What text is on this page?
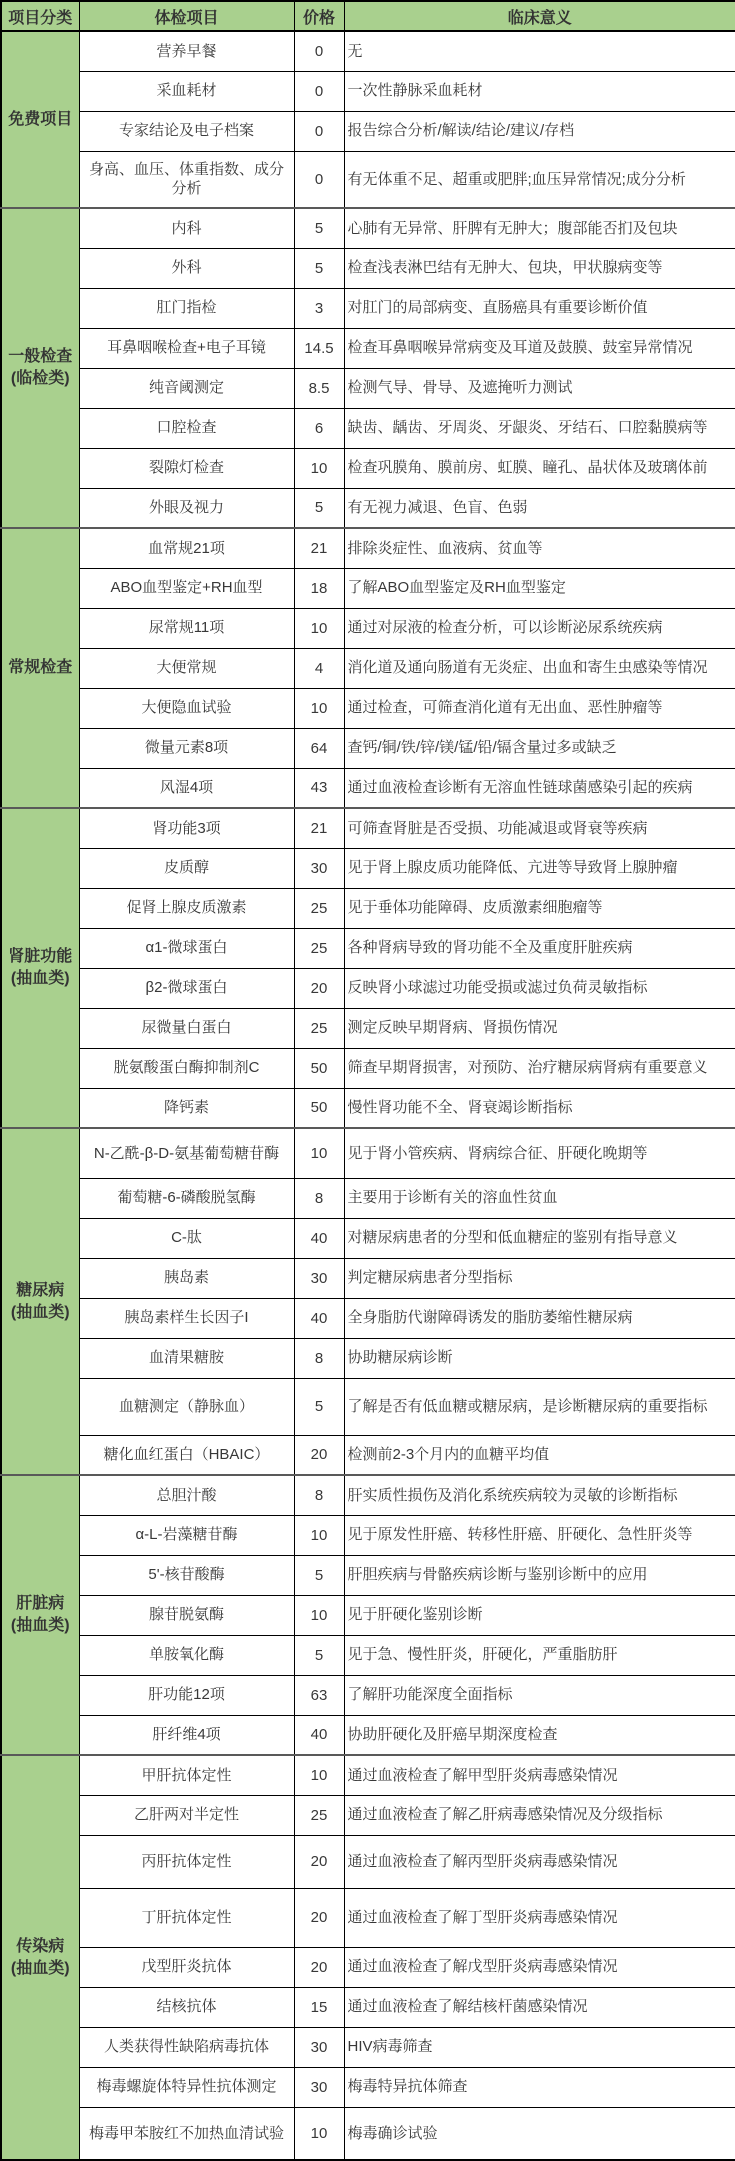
项目分类	体检项目	价格	临床意义
免费项目	营养早餐	0	无
	采血耗材	0	一次性静脉采血耗材
	专家结论及电子档案	0	报告综合分析/解读/结论/建议/存档
	身高、血压、体重指数、成分分析	0	有无体重不足、超重或肥胖;血压异常情况;成分分析
一般检查(临检类)	内科	5	心肺有无异常、肝脾有无肿大；腹部能否扪及包块
	外科	5	检查浅表淋巴结有无肿大、包块，甲状腺病变等
	肛门指检	3	对肛门的局部病变、直肠癌具有重要诊断价值
	耳鼻咽喉检查+电子耳镜	14.5	检查耳鼻咽喉异常病变及耳道及鼓膜、鼓室异常情况
	纯音阈测定	8.5	检测气导、骨导、及遮掩听力测试
	口腔检查	6	缺齿、龋齿、牙周炎、牙龈炎、牙结石、口腔黏膜病等
	裂隙灯检查	10	检查巩膜角、膜前房、虹膜、瞳孔、晶状体及玻璃体前
	外眼及视力	5	有无视力减退、色盲、色弱
常规检查	血常规21项	21	排除炎症性、血液病、贫血等
	ABO血型鉴定+RH血型	18	了解ABO血型鉴定及RH血型鉴定
	尿常规11项	10	通过对尿液的检查分析，可以诊断泌尿系统疾病
	大便常规	4	消化道及通向肠道有无炎症、出血和寄生虫感染等情况
	大便隐血试验	10	通过检查，可筛查消化道有无出血、恶性肿瘤等
	微量元素8项	64	查钙/铜/铁/锌/镁/锰/铅/镉含量过多或缺乏
	风湿4项	43	通过血液检查诊断有无溶血性链球菌感染引起的疾病
肾脏功能(抽血类)	肾功能3项	21	可筛查肾脏是否受损、功能减退或肾衰等疾病
	皮质醇	30	见于肾上腺皮质功能降低、亢进等导致肾上腺肿瘤
	促肾上腺皮质激素	25	见于垂体功能障碍、皮质激素细胞瘤等
	α1-微球蛋白	25	各种肾病导致的肾功能不全及重度肝脏疾病
	β2-微球蛋白	20	反映肾小球滤过功能受损或滤过负荷灵敏指标
	尿微量白蛋白	25	测定反映早期肾病、肾损伤情况
	胱氨酸蛋白酶抑制剂C	50	筛查早期肾损害，对预防、治疗糖尿病肾病有重要意义
	降钙素	50	慢性肾功能不全、肾衰竭诊断指标
糖尿病(抽血类)	N-乙酰-β-D-氨基葡萄糖苷酶	10	见于肾小管疾病、肾病综合征、肝硬化晚期等
	葡萄糖-6-磷酸脱氢酶	8	主要用于诊断有关的溶血性贫血
	C-肽	40	对糖尿病患者的分型和低血糖症的鉴别有指导意义
	胰岛素	30	判定糖尿病患者分型指标
	胰岛素样生长因子I	40	全身脂肪代谢障碍诱发的脂肪萎缩性糖尿病
	血清果糖胺	8	协助糖尿病诊断
	血糖测定（静脉血）	5	了解是否有低血糖或糖尿病，是诊断糖尿病的重要指标
	糖化血红蛋白（HBAIC）	20	检测前2-3个月内的血糖平均值
肝脏病(抽血类)	总胆汁酸	8	肝实质性损伤及消化系统疾病较为灵敏的诊断指标
	α-L-岩藻糖苷酶	10	见于原发性肝癌、转移性肝癌、肝硬化、急性肝炎等
	5'-核苷酸酶	5	肝胆疾病与骨骼疾病诊断与鉴别诊断中的应用
	腺苷脱氨酶	10	见于肝硬化鉴别诊断
	单胺氧化酶	5	见于急、慢性肝炎，肝硬化，严重脂肪肝
	肝功能12项	63	了解肝功能深度全面指标
	肝纤维4项	40	协助肝硬化及肝癌早期深度检查
传染病(抽血类)	甲肝抗体定性	10	通过血液检查了解甲型肝炎病毒感染情况
	乙肝两对半定性	25	通过血液检查了解乙肝病毒感染情况及分级指标
	丙肝抗体定性	20	通过血液检查了解丙型肝炎病毒感染情况
	丁肝抗体定性	20	通过血液检查了解丁型肝炎病毒感染情况
	戊型肝炎抗体	20	通过血液检查了解戊型肝炎病毒感染情况
	结核抗体	15	通过血液检查了解结核杆菌感染情况
	人类获得性缺陷病毒抗体	30	HIV病毒筛查
	梅毒螺旋体特异性抗体测定	30	梅毒特异抗体筛查
	梅毒甲苯胺红不加热血清试验	10	梅毒确诊试验
